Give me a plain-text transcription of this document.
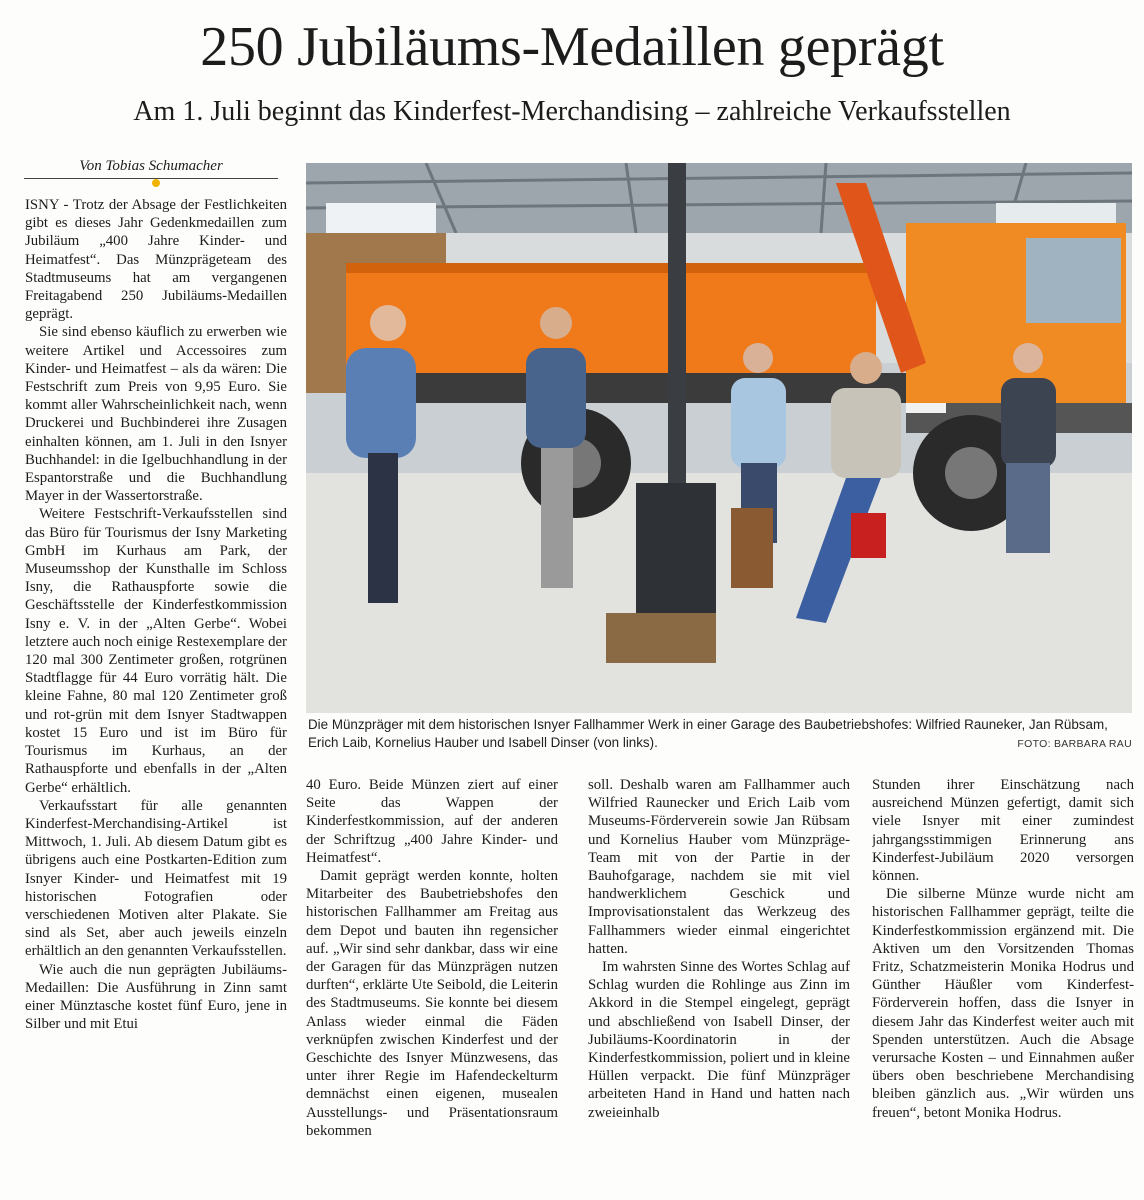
250 Jubiläums-Medaillen geprägt
Am 1. Juli beginnt das Kinderfest-Merchandising – zahlreiche Verkaufsstellen
Von Tobias Schumacher

ISNY - Trotz der Absage der Festlichkeiten gibt es dieses Jahr Gedenkmedaillen zum Jubiläum „400 Jahre Kinder- und Heimatfest“. Das Münzprägeteam des Stadtmuseums hat am vergangenen Freitagabend 250 Jubiläums-Medaillen geprägt.

Sie sind ebenso käuflich zu erwerben wie weitere Artikel und Accessoires zum Kinder- und Heimatfest – als da wären: Die Festschrift zum Preis von 9,95 Euro. Sie kommt aller Wahrscheinlichkeit nach, wenn Druckerei und Buchbinderei ihre Zusagen einhalten können, am 1. Juli in den Isnyer Buchhandel: in die Igelbuchhandlung in der Espantorstraße und die Buchhandlung Mayer in der Wassertorstraße.

Weitere Festschrift-Verkaufsstellen sind das Büro für Tourismus der Isny Marketing GmbH im Kurhaus am Park, der Museumsshop der Kunsthalle im Schloss Isny, die Rathauspforte sowie die Geschäftsstelle der Kinderfestkommission Isny e. V. in der „Alten Gerbe“. Wobei letztere auch noch einige Restexemplare der 120 mal 300 Zentimeter großen, rotgrünen Stadtflagge für 44 Euro vorrätig hält. Die kleine Fahne, 80 mal 120 Zentimeter groß und rot-grün mit dem Isnyer Stadtwappen kostet 15 Euro und ist im Büro für Tourismus im Kurhaus, an der Rathauspforte und ebenfalls in der „Alten Gerbe“ erhältlich.

Verkaufsstart für alle genannten Kinderfest-Merchandising-Artikel ist Mittwoch, 1. Juli. Ab diesem Datum gibt es übrigens auch eine Postkarten-Edition zum Isnyer Kinder- und Heimatfest mit 19 historischen Fotografien oder verschiedenen Motiven alter Plakate. Sie sind als Set, aber auch jeweils einzeln erhältlich an den genannten Verkaufsstellen.

Wie auch die nun geprägten Jubiläums-Medaillen: Die Ausführung in Zinn samt einer Münztasche kostet fünf Euro, jene in Silber und mit Etui

Die Münzpräger mit dem historischen Isnyer Fallhammer Werk in einer Garage des Baubetriebshofes: Wilfried Rauneker, Jan Rübsam, Erich Laib, Kornelius Hauber und Isabell Dinser (von links).	FOTO: BARBARA RAU

40 Euro. Beide Münzen ziert auf einer Seite das Wappen der Kinderfestkommission, auf der anderen der Schriftzug „400 Jahre Kinder- und Heimatfest“.

Damit geprägt werden konnte, holten Mitarbeiter des Baubetriebshofes den historischen Fallhammer am Freitag aus dem Depot und bauten ihn regensicher auf. „Wir sind sehr dankbar, dass wir eine der Garagen für das Münzprägen nutzen durften“, erklärte Ute Seibold, die Leiterin des Stadtmuseums. Sie konnte bei diesem Anlass wieder einmal die Fäden verknüpfen zwischen Kinderfest und der Geschichte des Isnyer Münzwesens, das unter ihrer Regie im Hafendeckelturm demnächst einen eigenen, musealen Ausstellungs- und Präsentationsraum bekommen

soll. Deshalb waren am Fallhammer auch Wilfried Raunecker und Erich Laib vom Museums-Förderverein sowie Jan Rübsam und Kornelius Hauber vom Münzpräge-Team mit von der Partie in der Bauhofgarage, nachdem sie mit viel handwerklichem Geschick und Improvisationstalent das Werkzeug des Fallhammers wieder einmal eingerichtet hatten.

Im wahrsten Sinne des Wortes Schlag auf Schlag wurden die Rohlinge aus Zinn im Akkord in die Stempel eingelegt, geprägt und abschließend von Isabell Dinser, der Jubiläums-Koordinatorin in der Kinderfestkommission, poliert und in kleine Hüllen verpackt. Die fünf Münzpräger arbeiteten Hand in Hand und hatten nach zweieinhalb

Stunden ihrer Einschätzung nach ausreichend Münzen gefertigt, damit sich viele Isnyer mit einer zumindest jahrgangsstimmigen Erinnerung ans Kinderfest-Jubiläum 2020 versorgen können.

Die silberne Münze wurde nicht am historischen Fallhammer geprägt, teilte die Kinderfestkommission ergänzend mit. Die Aktiven um den Vorsitzenden Thomas Fritz, Schatzmeisterin Monika Hodrus und Günther Häußler vom Kinderfest-Förderverein hoffen, dass die Isnyer in diesem Jahr das Kinderfest weiter auch mit Spenden unterstützen. Auch die Absage verursache Kosten – und Einnahmen außer übers oben beschriebene Merchandising bleiben gänzlich aus. „Wir würden uns freuen“, betont Monika Hodrus.
